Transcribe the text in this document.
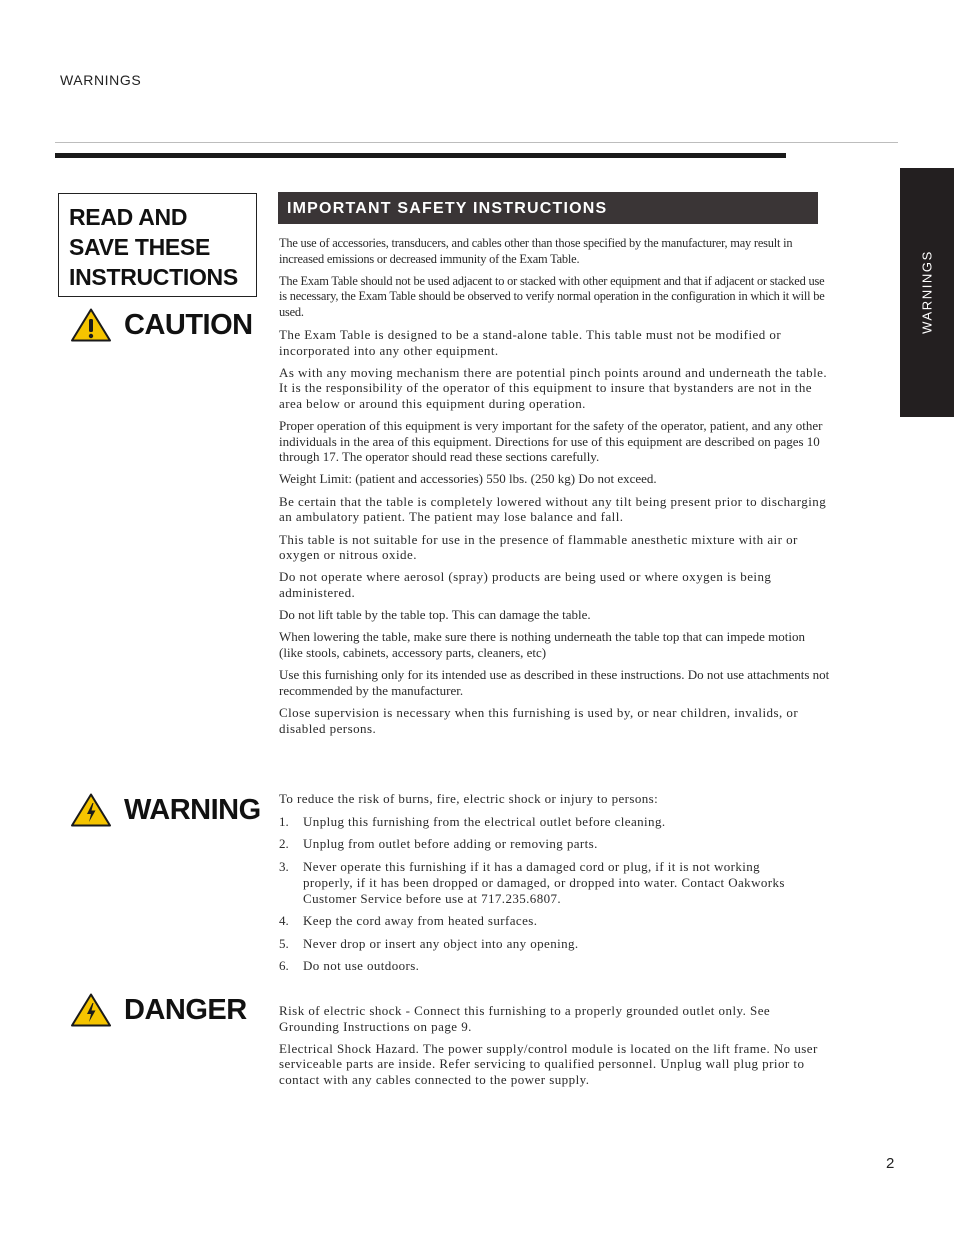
WARNINGS
WARNINGS
READ AND
SAVE THESE
INSTRUCTIONS
CAUTION
WARNING
DANGER
IMPORTANT SAFETY INSTRUCTIONS

The use of accessories, transducers, and cables other than those specified by the manufacturer, may result in increased emissions or decreased immunity of the Exam Table.

The Exam Table should not be used adjacent to or stacked with other equipment and that if adjacent or stacked use is necessary, the Exam Table should be observed to verify normal operation in the configuration in which it will be used.

The Exam Table is designed to be a stand-alone table. This table must not be modified or incorporated into any other equipment.

As with any moving mechanism there are potential pinch points around and underneath the table. It is the responsibility of the operator of this equipment to insure that bystanders are not in the area below or around this equipment during operation.

Proper operation of this equipment is very important for the safety of the operator, patient, and any other individuals in the area of this equipment. Directions for use of this equipment are described on pages 10 through 17. The operator should read these sections carefully.

Weight Limit: (patient and accessories) 550 lbs. (250 kg) Do not exceed.

Be certain that the table is completely lowered without any tilt being present prior to discharging an ambulatory patient. The patient may lose balance and fall.

This table is not suitable for use in the presence of flammable anesthetic mixture with air or oxygen or nitrous oxide.

Do not operate where aerosol (spray) products are being used or where oxygen is being administered.

Do not lift table by the table top. This can damage the table.

When lowering the table, make sure there is nothing underneath the table top that can impede motion (like stools, cabinets, accessory parts, cleaners, etc)

Use this furnishing only for its intended use as described in these instructions. Do not use attachments not recommended by the manufacturer.

Close supervision is necessary when this furnishing is used by, or near children, invalids, or disabled persons.

To reduce the risk of burns, fire, electric shock or injury to persons:
1.	Unplug this furnishing from the electrical outlet before cleaning.
2.	Unplug from outlet before adding or removing parts.
3.	Never operate this furnishing if it has a damaged cord or plug, if it is not working properly, if it has been dropped or damaged, or dropped into water. Contact Oakworks Customer Service before use at 717.235.6807.
4.	Keep the cord away from heated surfaces.
5.	Never drop or insert any object into any opening.
6.	Do not use outdoors.

Risk of electric shock - Connect this furnishing to a properly grounded outlet only. See Grounding Instructions on page 9.

Electrical Shock Hazard. The power supply/control module is located on the lift frame. No user serviceable parts are inside. Refer servicing to qualified personnel. Unplug wall plug prior to contact with any cables connected to the power supply.

2
